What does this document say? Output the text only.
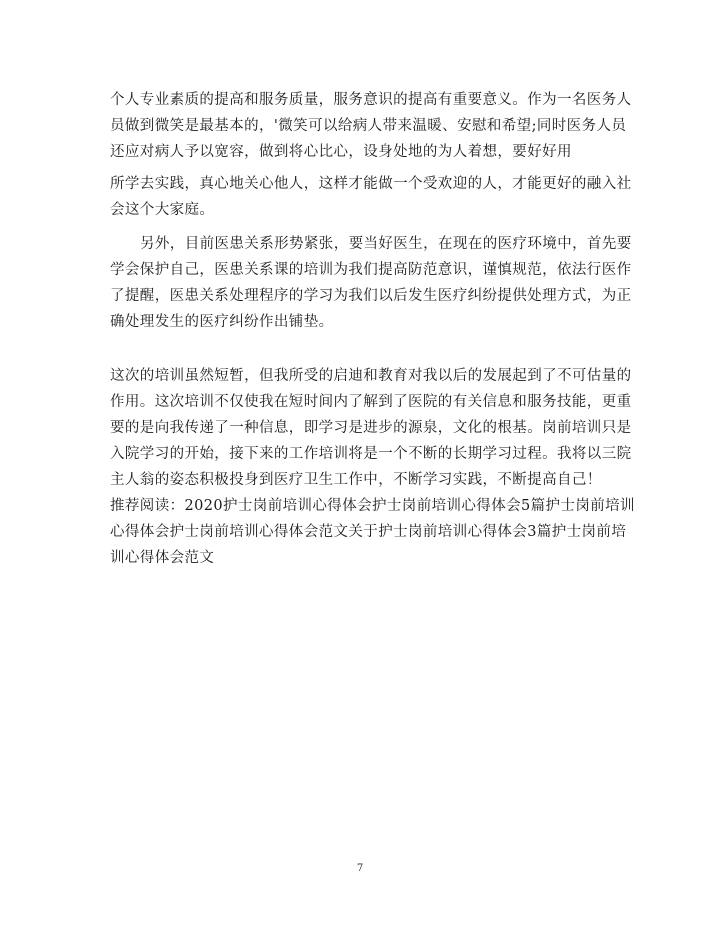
个人专业素质的提高和服务质量，服务意识的提高有重要意义。作为一名医务人
员做到微笑是最基本的，'微笑可以给病人带来温暖、安慰和希望;同时医务人员
还应对病人予以宽容，做到将心比心，设身处地的为人着想，要好好用
所学去实践，真心地关心他人，这样才能做一个受欢迎的人，才能更好的融入社
会这个大家庭。
另外，目前医患关系形势紧张，要当好医生，在现在的医疗环境中，首先要
学会保护自己，医患关系课的培训为我们提高防范意识，谨慎规范，依法行医作
了提醒，医患关系处理程序的学习为我们以后发生医疗纠纷提供处理方式，为正
确处理发生的医疗纠纷作出铺垫。
这次的培训虽然短暂，但我所受的启迪和教育对我以后的发展起到了不可估量的
作用。这次培训不仅使我在短时间内了解到了医院的有关信息和服务技能，更重
要的是向我传递了一种信息，即学习是进步的源泉，文化的根基。岗前培训只是
入院学习的开始，接下来的工作培训将是一个不断的长期学习过程。我将以三院
主人翁的姿态积极投身到医疗卫生工作中，不断学习实践，不断提高自己！
推荐阅读：2020护士岗前培训心得体会护士岗前培训心得体会5篇护士岗前培训
心得体会护士岗前培训心得体会范文关于护士岗前培训心得体会3篇护士岗前培
训心得体会范文
7
